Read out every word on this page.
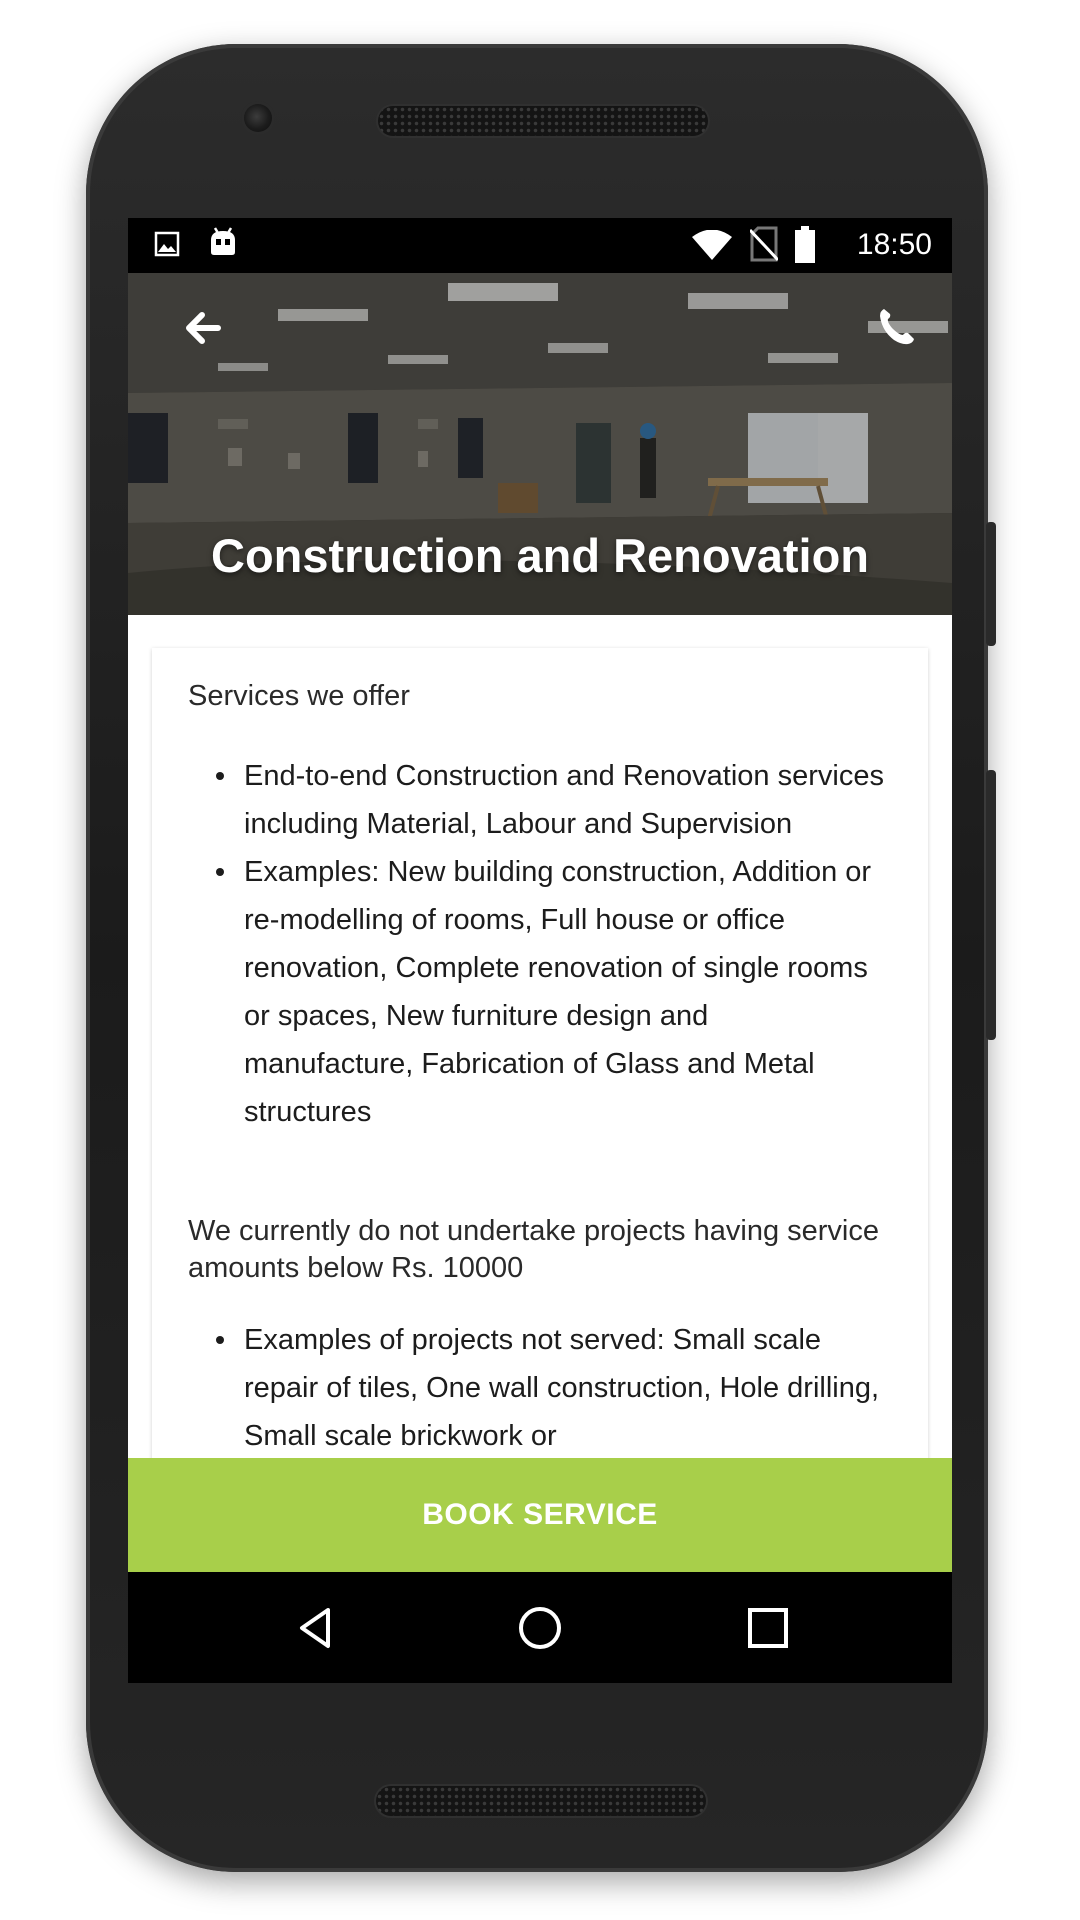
18:50
Construction and Renovation
Services we offer
End-to-end Construction and Renovation services including Material, Labour and Supervision
Examples: New building construction, Addition or re-modelling of rooms, Full house or office renovation, Complete renovation of single rooms or spaces, New furniture design and manufacture, Fabrication of Glass and Metal structures
We currently do not undertake projects having service amounts below Rs. 10000
Examples of projects not served: Small scale repair of tiles, One wall construction, Hole drilling, Small scale brickwork or
BOOK SERVICE
